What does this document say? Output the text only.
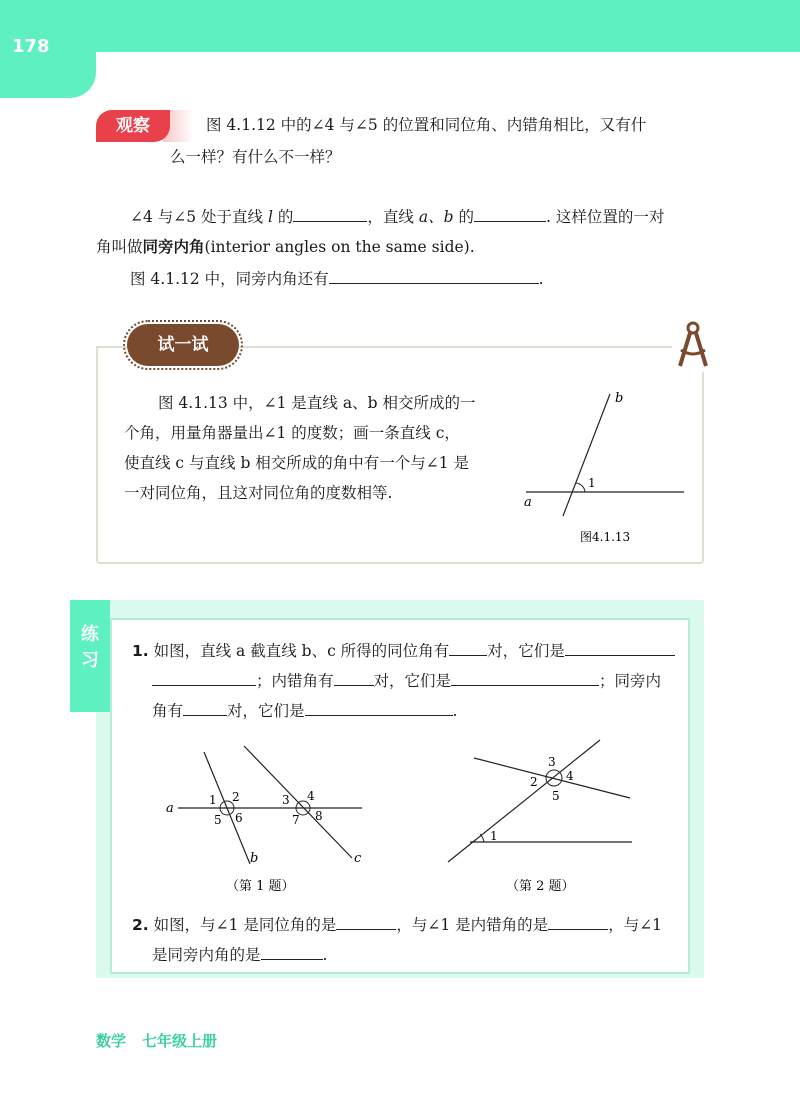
178
观察	图 4.1.12 中的∠4 与∠5 的位置和同位角、内错角相比，又有什
么一样？有什么不一样？
∠4 与∠5 处于直线 l 的	，直线 a、b 的	. 这样位置的一对
角叫做同旁内角(interior angles on the same side).
图 4.1.12 中，同旁内角还有	.
试一试
图 4.1.13 中，∠1 是直线 a、b 相交所成的一
个角，用量角器量出∠1 的度数；画一条直线 c，
使直线 c 与直线 b 相交所成的角中有一个与∠1 是
一对同位角，且这对同位角的度数相等.
b
a
1
图4.1.13
练习 1. 如图，直线 a 截直线 b、c 所得的同位角有 对，它们是
；内错角有	对，它们是	；同旁内
角有	对，它们是	.
a
b	c
1 2
5 6
3 4
7 8
（第 1 题）
3
2 4
5
1
（第 2 题）
2. 如图，与∠1 是同位角的是	，与∠1 是内错角的是	，与∠1
是同旁内角的是	.
数学 七年级上册
